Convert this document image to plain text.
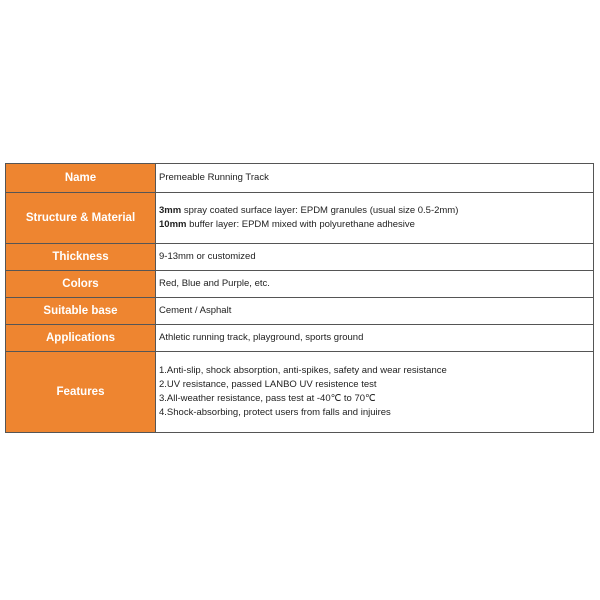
Name	Premeable Running Track

Structure & Material	3mm spray coated surface layer: EPDM granules (usual size 0.5-2mm)
10mm buffer layer: EPDM mixed with polyurethane adhesive

Thickness	9-13mm or customized

Colors	Red, Blue and Purple, etc.

Suitable base	Cement / Asphalt

Applications	Athletic running track, playground, sports ground

Features	1.Anti-slip, shock absorption, anti-spikes, safety and wear resistance
2.UV resistance, passed LANBO UV resistence test
3.All-weather resistance, pass test at -40℃ to 70℃
4.Shock-absorbing, protect users from falls and injuires
